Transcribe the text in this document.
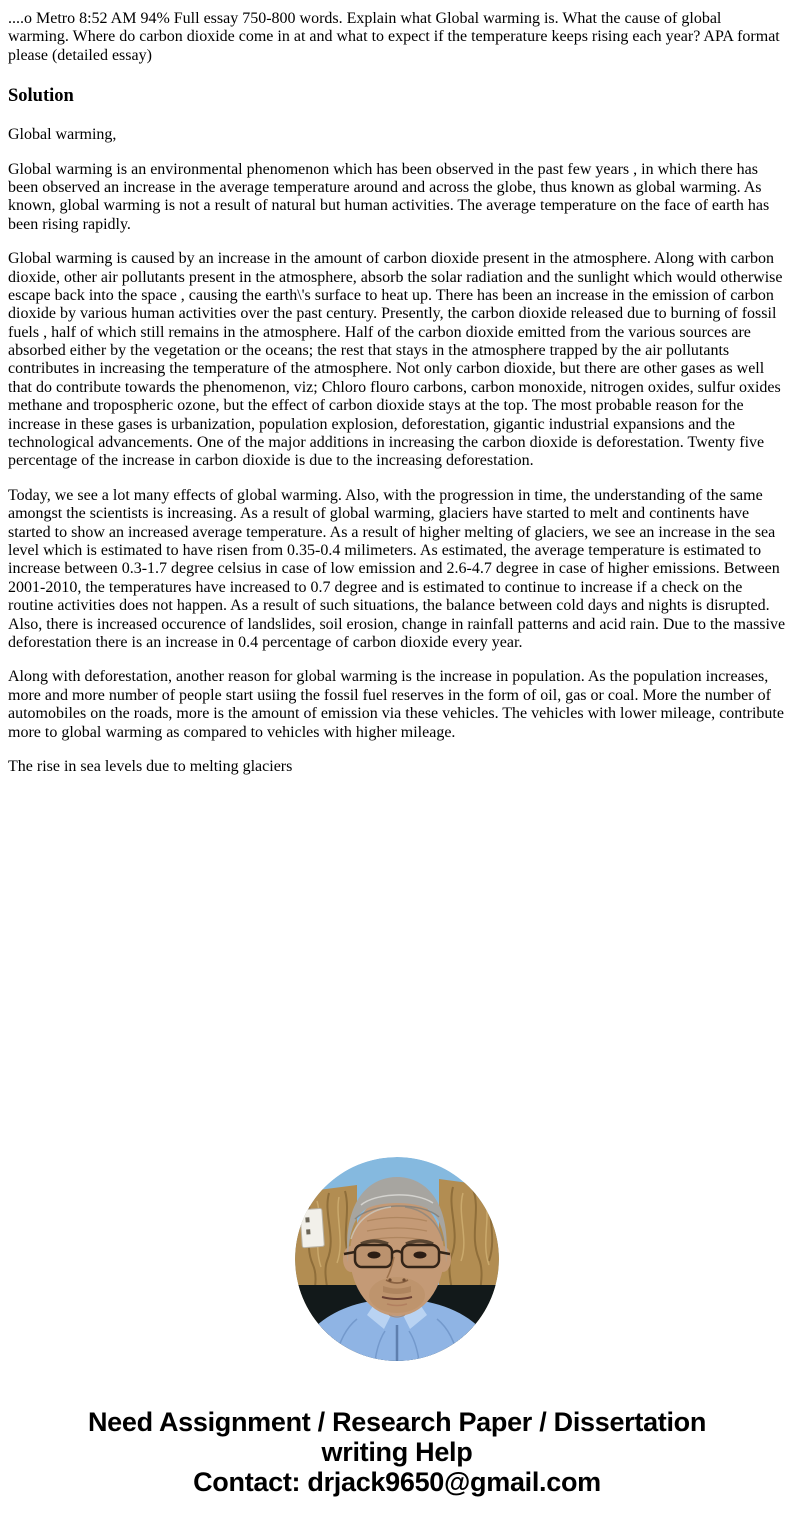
....o Metro 8:52 AM 94% Full essay 750-800 words. Explain what Global warming is. What the cause of global warming. Where do carbon dioxide come in at and what to expect if the temperature keeps rising each year? APA format please (detailed essay)

Solution

Global warming,

Global warming is an environmental phenomenon which has been observed in the past few years , in which there has been observed an increase in the average temperature around and across the globe, thus known as global warming. As known, global warming is not a result of natural but human activities. The average temperature on the face of earth has been rising rapidly.

Global warming is caused by an increase in the amount of carbon dioxide present in the atmosphere. Along with carbon dioxide, other air pollutants present in the atmosphere, absorb the solar radiation and the sunlight which would otherwise escape back into the space , causing the earth\'s surface to heat up. There has been an increase in the emission of carbon dioxide by various human activities over the past century. Presently, the carbon dioxide released due to burning of fossil fuels , half of which still remains in the atmosphere. Half of the carbon dioxide emitted from the various sources are absorbed either by the vegetation or the oceans; the rest that stays in the atmosphere trapped by the air pollutants contributes in increasing the temperature of the atmosphere. Not only carbon dioxide, but there are other gases as well that do contribute towards the phenomenon, viz; Chloro flouro carbons, carbon monoxide, nitrogen oxides, sulfur oxides methane and tropospheric ozone, but the effect of carbon dioxide stays at the top. The most probable reason for the increase in these gases is urbanization, population explosion, deforestation, gigantic industrial expansions and the technological advancements. One of the major additions in increasing the carbon dioxide is deforestation. Twenty five percentage of the increase in carbon dioxide is due to the increasing deforestation.

Today, we see a lot many effects of global warming. Also, with the progression in time, the understanding of the same amongst the scientists is increasing. As a result of global warming, glaciers have started to melt and continents have started to show an increased average temperature. As a result of higher melting of glaciers, we see an increase in the sea level which is estimated to have risen from 0.35-0.4 milimeters. As estimated, the average temperature is estimated to increase between 0.3-1.7 degree celsius in case of low emission and 2.6-4.7 degree in case of higher emissions. Between 2001-2010, the temperatures have increased to 0.7 degree and is estimated to continue to increase if a check on the routine activities does not happen. As a result of such situations, the balance between cold days and nights is disrupted. Also, there is increased occurence of landslides, soil erosion, change in rainfall patterns and acid rain. Due to the massive deforestation there is an increase in 0.4 percentage of carbon dioxide every year.

Along with deforestation, another reason for global warming is the increase in population. As the population increases, more and more number of people start usiing the fossil fuel reserves in the form of oil, gas or coal. More the number of automobiles on the roads, more is the amount of emission via these vehicles. The vehicles with lower mileage, contribute more to global warming as compared to vehicles with higher mileage.

The rise in sea levels due to melting glaciers

Need Assignment / Research Paper / Dissertation writing Help
Contact: drjack9650@gmail.com
